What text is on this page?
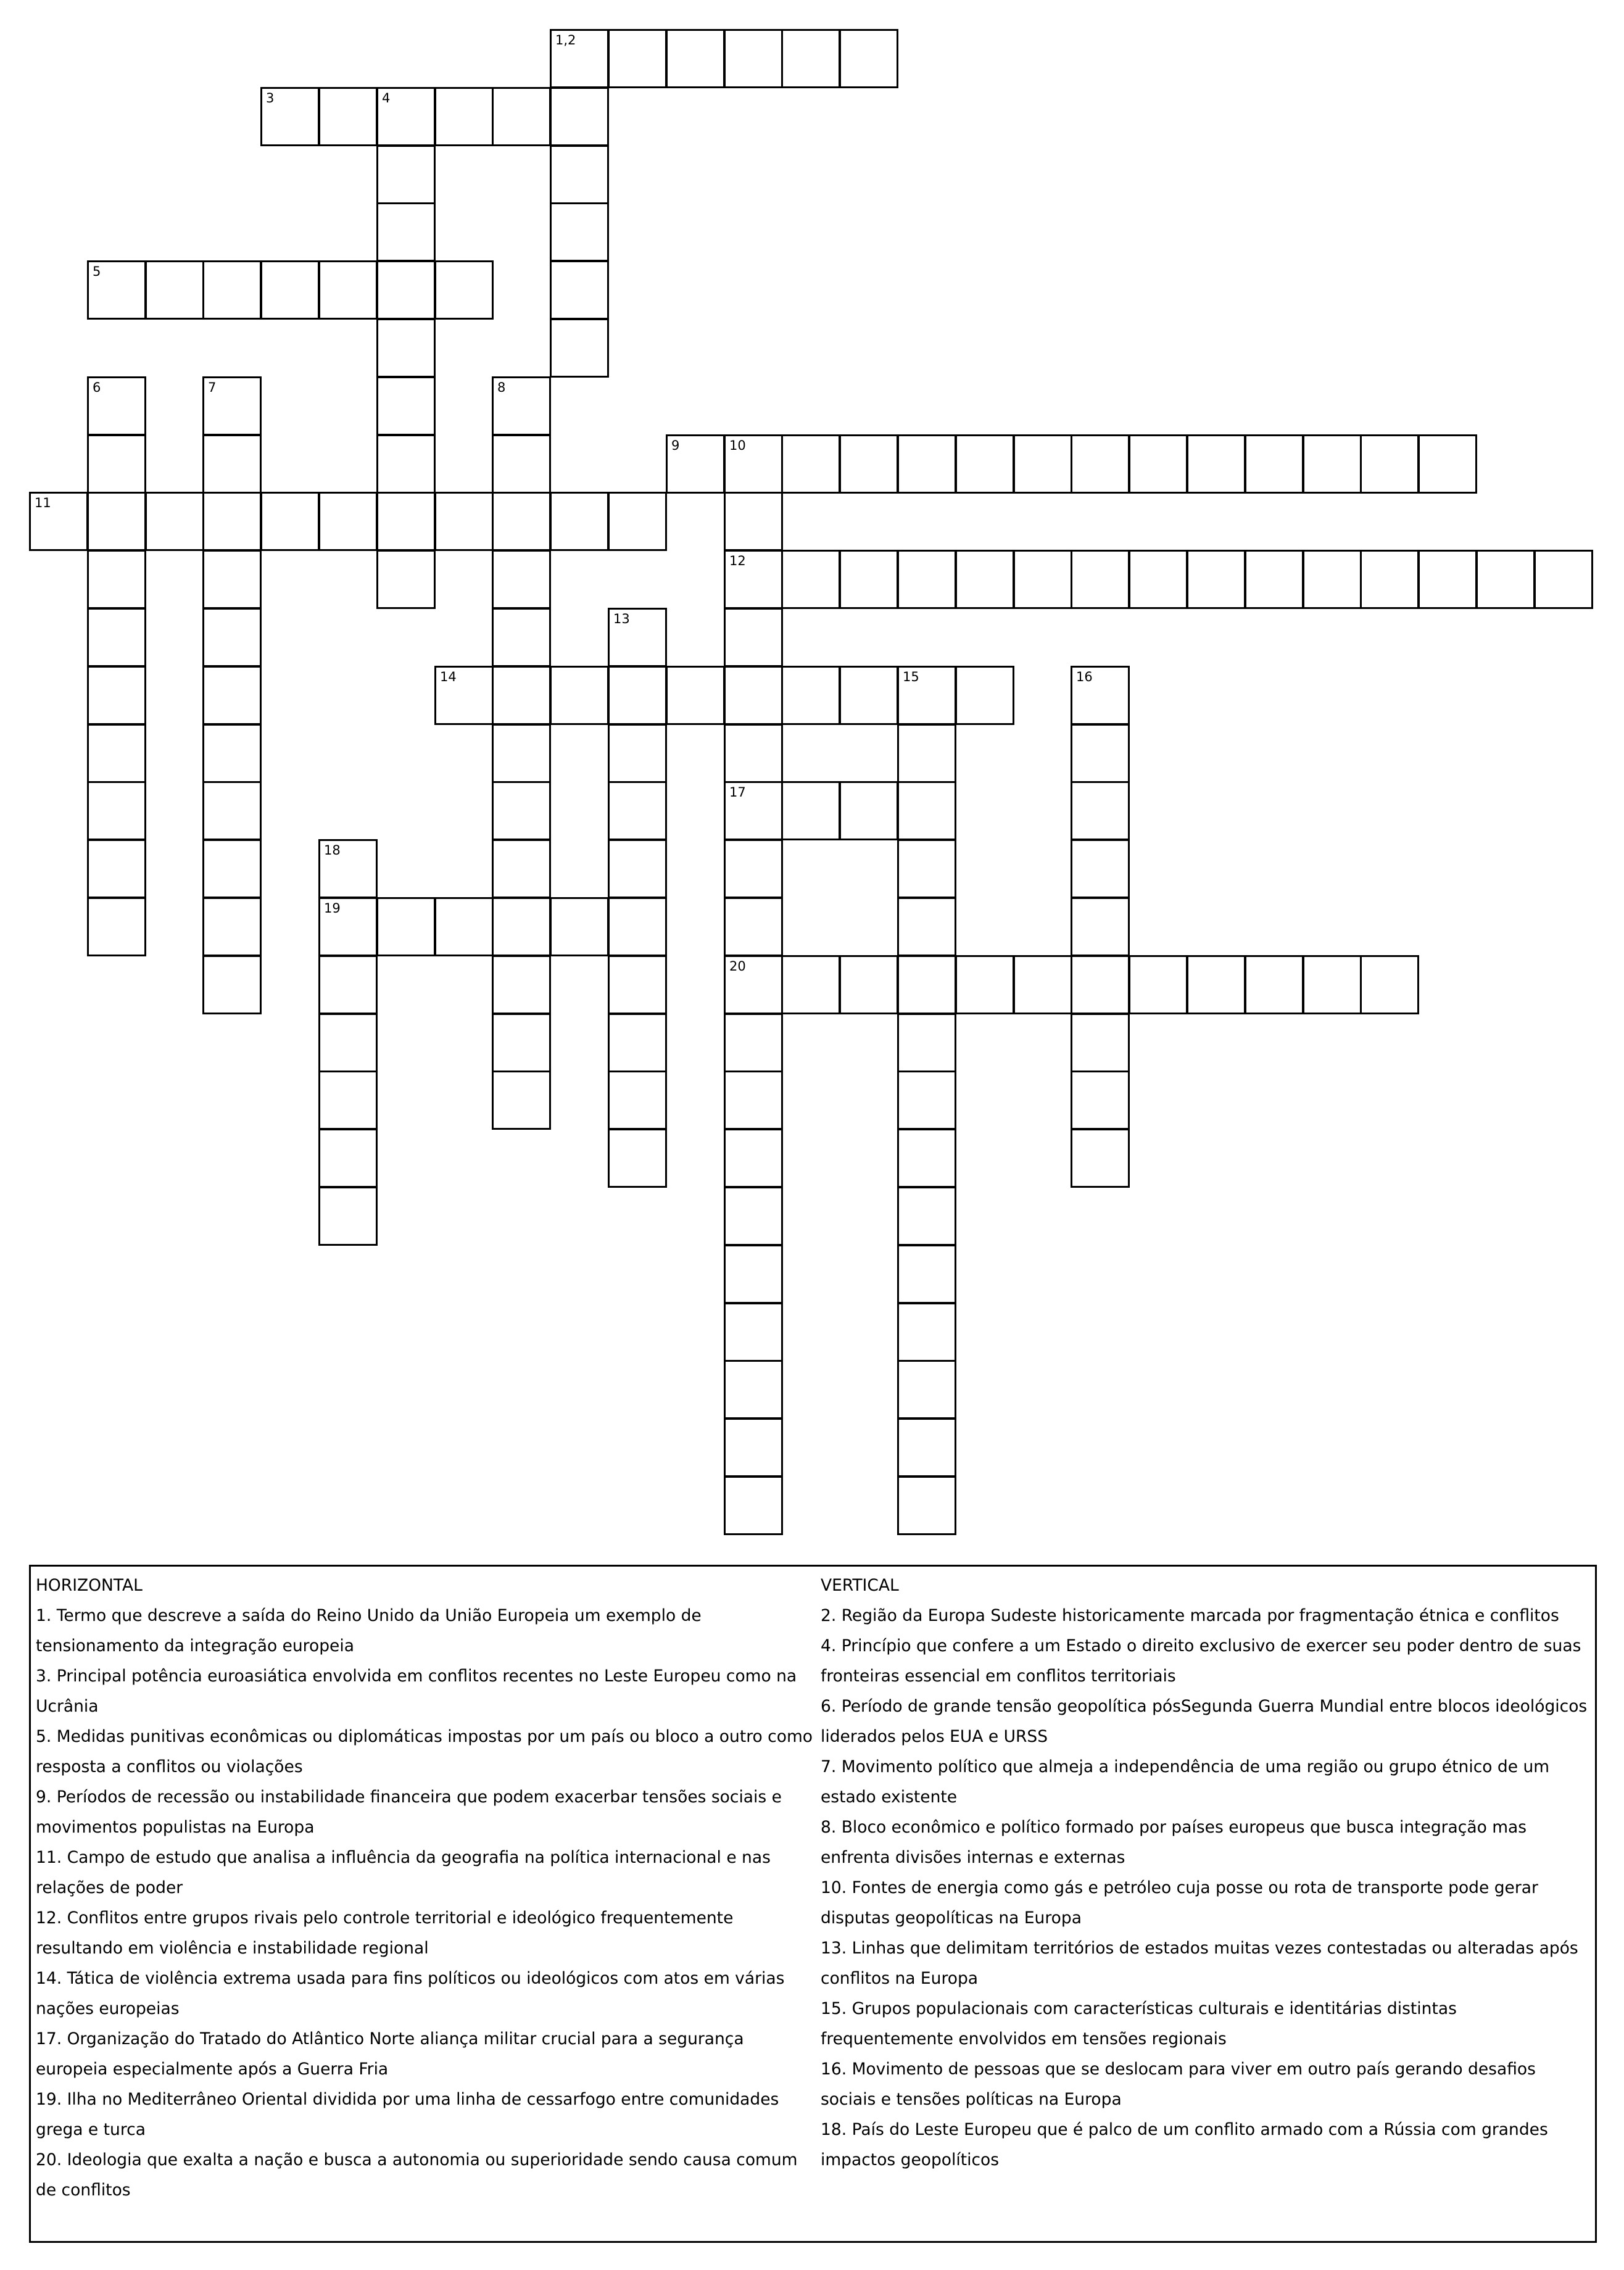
1,2
3	4
5
9	10
11
12
14	15
17
19
20
6	7	8
13
16
18

HORIZONTAL

1. Termo que descreve a saída do Reino Unido da União Europeia um exemplo de tensionamento da integração europeia

3. Principal potência euroasiática envolvida em conflitos recentes no Leste Europeu como na Ucrânia

5. Medidas punitivas econômicas ou diplomáticas impostas por um país ou bloco a outro como resposta a conflitos ou violações

9. Períodos de recessão ou instabilidade financeira que podem exacerbar tensões sociais e movimentos populistas na Europa

11. Campo de estudo que analisa a influência da geografia na política internacional e nas relações de poder

12. Conflitos entre grupos rivais pelo controle territorial e ideológico frequentemente resultando em violência e instabilidade regional

14. Tática de violência extrema usada para fins políticos ou ideológicos com atos em várias nações europeias

17. Organização do Tratado do Atlântico Norte aliança militar crucial para a segurança europeia especialmente após a Guerra Fria

19. Ilha no Mediterrâneo Oriental dividida por uma linha de cessarfogo entre comunidades grega e turca

20. Ideologia que exalta a nação e busca a autonomia ou superioridade sendo causa comum de conflitos

VERTICAL

2. Região da Europa Sudeste historicamente marcada por fragmentação étnica e conflitos

4. Princípio que confere a um Estado o direito exclusivo de exercer seu poder dentro de suas fronteiras essencial em conflitos territoriais

6. Período de grande tensão geopolítica pósSegunda Guerra Mundial entre blocos ideológicos liderados pelos EUA e URSS

7. Movimento político que almeja a independência de uma região ou grupo étnico de um estado existente

8. Bloco econômico e político formado por países europeus que busca integração mas enfrenta divisões internas e externas

10. Fontes de energia como gás e petróleo cuja posse ou rota de transporte pode gerar disputas geopolíticas na Europa

13. Linhas que delimitam territórios de estados muitas vezes contestadas ou alteradas após conflitos na Europa

15. Grupos populacionais com características culturais e identitárias distintas frequentemente envolvidos em tensões regionais

16. Movimento de pessoas que se deslocam para viver em outro país gerando desafios sociais e tensões políticas na Europa

18. País do Leste Europeu que é palco de um conflito armado com a Rússia com grandes impactos geopolíticos
